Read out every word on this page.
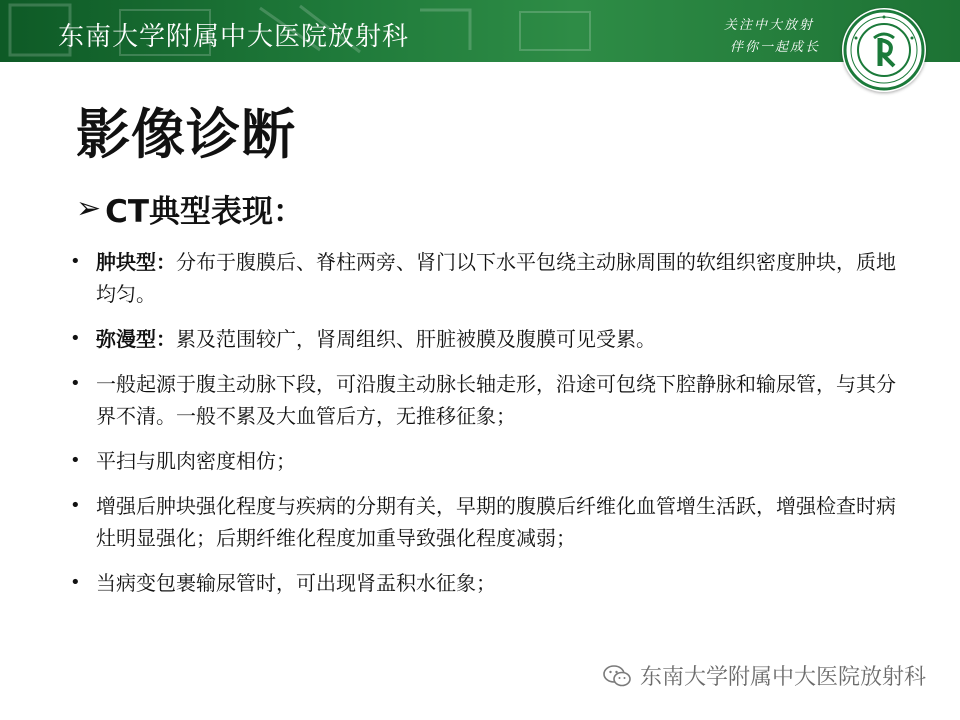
东南大学附属中大医院放射科	关注中大放射
伴你一起成长
影像诊断
➢ CT典型表现：
• 肿块型：分布于腹膜后、脊柱两旁、肾门以下水平包绕主动脉周围的软组织密度肿块，质地均匀。
• 弥漫型：累及范围较广，肾周组织、肝脏被膜及腹膜可见受累。
• 一般起源于腹主动脉下段，可沿腹主动脉长轴走形，沿途可包绕下腔静脉和输尿管，与其分界不清。一般不累及大血管后方，无推移征象；
• 平扫与肌肉密度相仿；
• 增强后肿块强化程度与疾病的分期有关，早期的腹膜后纤维化血管增生活跃，增强检查时病灶明显强化；后期纤维化程度加重导致强化程度减弱；
• 当病变包裹输尿管时，可出现肾盂积水征象；
东南大学附属中大医院放射科
